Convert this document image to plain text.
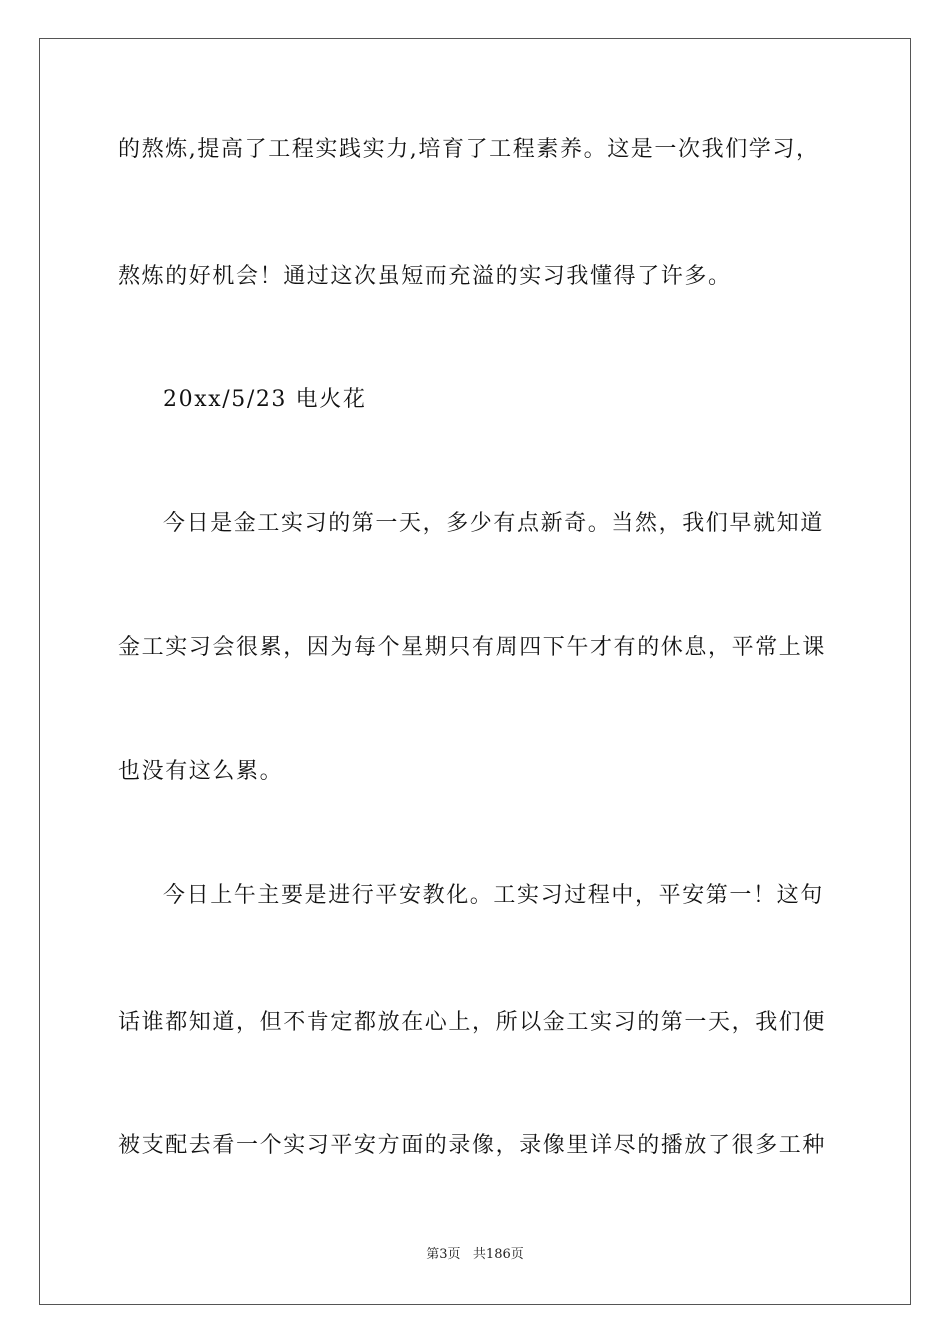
的熬炼,提高了工程实践实力,培育了工程素养。这是一次我们学习，
熬炼的好机会！通过这次虽短而充溢的实习我懂得了许多。
20xx/5/23 电火花
今日是金工实习的第一天，多少有点新奇。当然，我们早就知道
金工实习会很累，因为每个星期只有周四下午才有的休息，平常上课
也没有这么累。
今日上午主要是进行平安教化。工实习过程中，平安第一！这句
话谁都知道，但不肯定都放在心上，所以金工实习的第一天，我们便
被支配去看一个实习平安方面的录像，录像里详尽的播放了很多工种
第3页 共186页
